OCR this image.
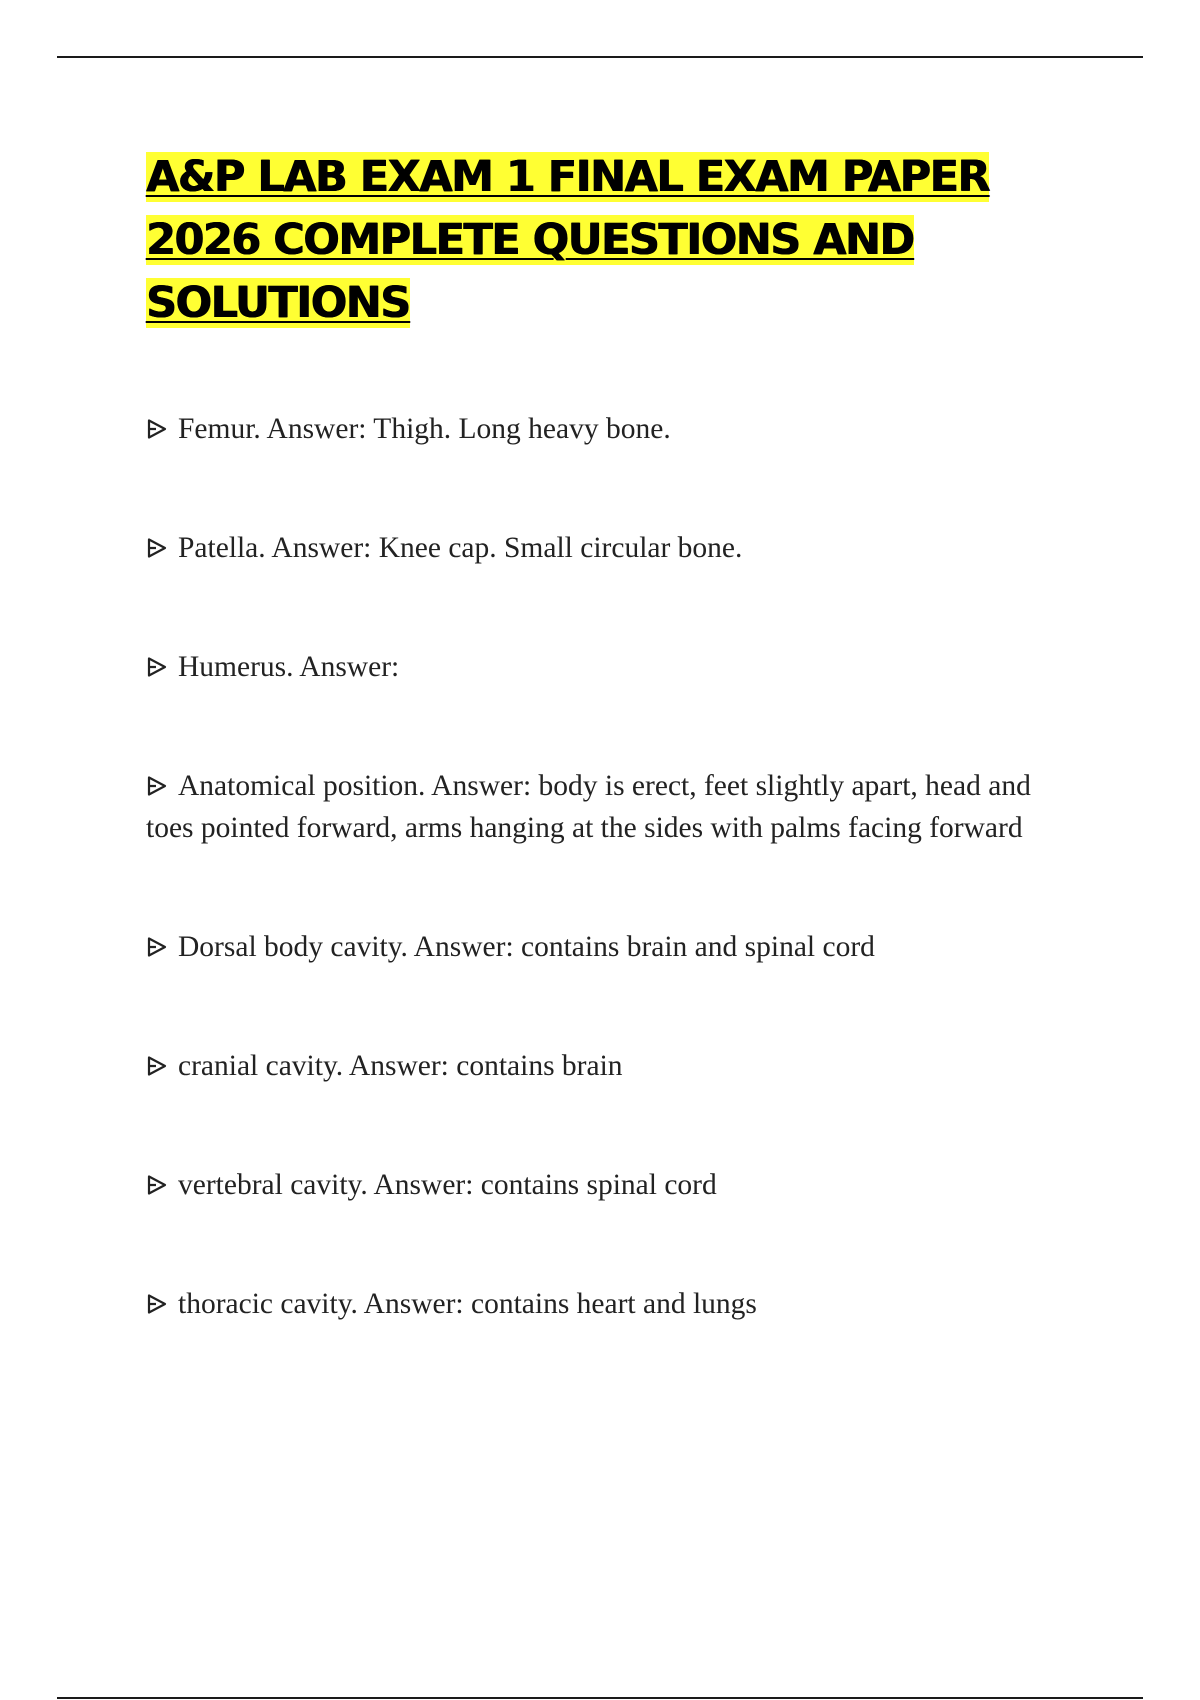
A&P LAB EXAM 1 FINAL EXAM PAPER 2026 COMPLETE QUESTIONS AND SOLUTIONS
Femur. Answer: Thigh. Long heavy bone.
Patella. Answer: Knee cap. Small circular bone.
Humerus. Answer:
Anatomical position. Answer: body is erect, feet slightly apart, head and toes pointed forward, arms hanging at the sides with palms facing forward
Dorsal body cavity. Answer: contains brain and spinal cord
cranial cavity. Answer: contains brain
vertebral cavity. Answer: contains spinal cord
thoracic cavity. Answer: contains heart and lungs
